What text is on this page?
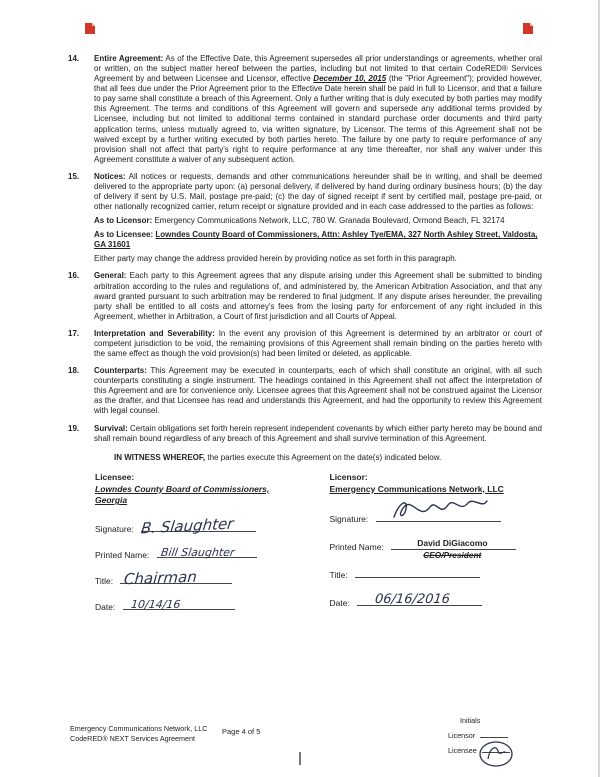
14.	Entire Agreement: As of the Effective Date, this Agreement supersedes all prior understandings or agreements, whether oral or written, on the subject matter hereof between the parties, including but not limited to that certain CodeRED® Services Agreement by and between Licensee and Licensor, effective December 10, 2015 (the "Prior Agreement"); provided however, that all fees due under the Prior Agreement prior to the Effective Date herein shall be paid in full to Licensor, and that a failure to pay same shall constitute a breach of this Agreement. Only a further writing that is duly executed by both parties may modify this Agreement. The terms and conditions of this Agreement will govern and supersede any additional terms provided by Licensee, including but not limited to additional terms contained in standard purchase order documents and third party application terms, unless mutually agreed to, via written signature, by Licensor. The terms of this Agreement shall not be waived except by a further writing executed by both parties hereto. The failure by one party to require performance of any provision shall not affect that party's right to require performance at any time thereafter, nor shall any waiver under this Agreement constitute a waiver of any subsequent action.
15.	Notices: All notices or requests, demands and other communications hereunder shall be in writing, and shall be deemed delivered to the appropriate party upon: (a) personal delivery, if delivered by hand during ordinary business hours; (b) the day of delivery if sent by U.S. Mail, postage pre-paid; (c) the day of signed receipt if sent by certified mail, postage pre-paid, or other nationally recognized carrier, return receipt or signature provided and in each case addressed to the parties as follows:
As to Licensor: Emergency Communications Network, LLC, 780 W. Granada Boulevard, Ormond Beach, FL 32174
As to Licensee: Lowndes County Board of Commissioners, Attn: Ashley Tye/EMA, 327 North Ashley Street, Valdosta, GA 31601
Either party may change the address provided herein by providing notice as set forth in this paragraph.
16.	General: Each party to this Agreement agrees that any dispute arising under this Agreement shall be submitted to binding arbitration according to the rules and regulations of, and administered by, the American Arbitration Association, and that any award granted pursuant to such arbitration may be rendered to final judgment. If any dispute arises hereunder, the prevailing party shall be entitled to all costs and attorney's fees from the losing party for enforcement of any right included in this Agreement, whether in Arbitration, a Court of first jurisdiction and all Courts of Appeal.
17.	Interpretation and Severability: In the event any provision of this Agreement is determined by an arbitrator or court of competent jurisdiction to be void, the remaining provisions of this Agreement shall remain binding on the parties hereto with the same effect as though the void provision(s) had been limited or deleted, as applicable.
18.	Counterparts: This Agreement may be executed in counterparts, each of which shall constitute an original, with all such counterparts constituting a single instrument. The headings contained in this Agreement shall not affect the interpretation of this Agreement and are for convenience only. Licensee agrees that this Agreement shall not be construed against the Licensor as the drafter, and that Licensee has read and understands this Agreement, and had the opportunity to review this Agreement with legal counsel.
19.	Survival: Certain obligations set forth herein represent independent covenants by which either party hereto may be bound and shall remain bound regardless of any breach of this Agreement and shall survive termination of this Agreement.
IN WITNESS WHEREOF, the parties execute this Agreement on the date(s) indicated below.
Licensee:
Lowndes County Board of Commissioners,
Georgia
Signature: B. Slaughter
Printed Name: Bill Slaughter
Title: Chairman
Date: 10/14/16
Licensor:
Emergency Communications Network, LLC
Signature:
Printed Name:	David DiGiacomo
CEO/President
Title:
Date: 06/16/2016
Emergency Communications Network, LLC
CodeRED® NEXT Services Agreement
Page 4 of 5
Initials
Licensor
Licensee
